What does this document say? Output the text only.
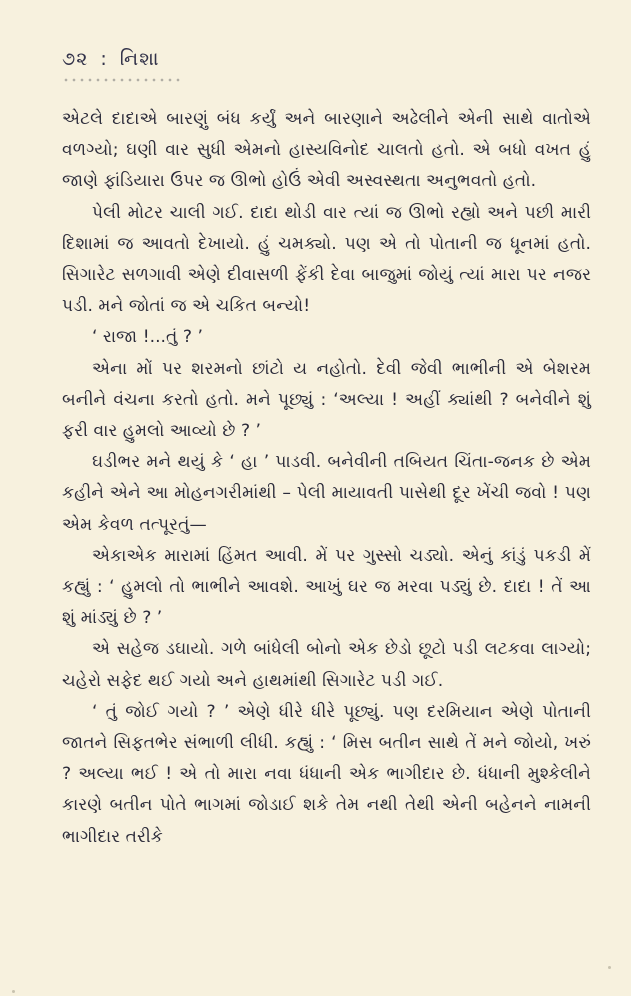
૭૨ : નિશા

એટલે દાદાએ બારણું બંધ કર્યું અને બારણાને અઢેલીને એની સાથે વાતોએ વળગ્યો; ઘણી વાર સુધી એમનો હાસ્યવિનોદ ચાલતો હતો. એ બધો વખત હું જાણે ફાંડિયારા ઉપર જ ઊભો હોઉં એવી અસ્વસ્થતા અનુભવતો હતો.

પેલી મોટર ચાલી ગઈ. દાદા થોડી વાર ત્યાં જ ઊભો રહ્યો અને પછી મારી દિશામાં જ આવતો દેખાયો. હું ચમક્યો. પણ એ તો પોતાની જ ધૂનમાં હતો. સિગારેટ સળગાવી એણે દીવાસળી ફેંકી દેવા બાજુમાં જોયું ત્યાં મારા પર નજર પડી. મને જોતાં જ એ ચકિત બન્યો!

‘ રાજા !...તું ? ’

એના મોં પર શરમનો છાંટો ય નહોતો. દેવી જેવી ભાભીની એ બેશરમ બનીને વંચના કરતો હતો. મને પૂછ્યું : ‘અલ્યા ! અહીં ક્યાંથી ? બનેવીને શું ફરી વાર હુમલો આવ્યો છે ? ’

ઘડીભર મને થયું કે ‘ હા ’ પાડવી. બનેવીની તબિયત ચિંતા-જનક છે એમ કહીને એને આ મોહનગરીમાંથી – પેલી માયાવતી પાસેથી દૂર ખેંચી જવો ! પણ એમ કેવળ તત્પૂરતું—

એકાએક મારામાં હિંમત આવી. મેં પર ગુસ્સો ચડ્યો. એનું કાંડું પકડી મેં કહ્યું : ‘ હુમલો તો ભાભીને આવશે. આખું ઘર જ મરવા પડ્યું છે. દાદા ! તેં આ શું માંડ્યું છે ? ’

એ સહેજ ડઘાયો. ગળે બાંધેલી બોનો એક છેડો છૂટો પડી લટકવા લાગ્યો; ચહેરો સફેદ થઈ ગયો અને હાથમાંથી સિગારેટ પડી ગઈ.

‘ તું જોઈ ગયો ? ’ એણે ધીરે ધીરે પૂછ્યું. પણ દરમિયાન એણે પોતાની જાતને સિફતભેર સંભાળી લીધી. કહ્યું : ‘ મિસ બતીન સાથે તેં મને જોયો, ખરું ? અલ્યા ભઈ ! એ તો મારા નવા ધંધાની એક ભાગીદાર છે. ધંધાની મુશ્કેલીને કારણે બતીન પોતે ભાગમાં જોડાઈ શકે તેમ નથી તેથી એની બહેનને નામની ભાગીદાર તરીકે
